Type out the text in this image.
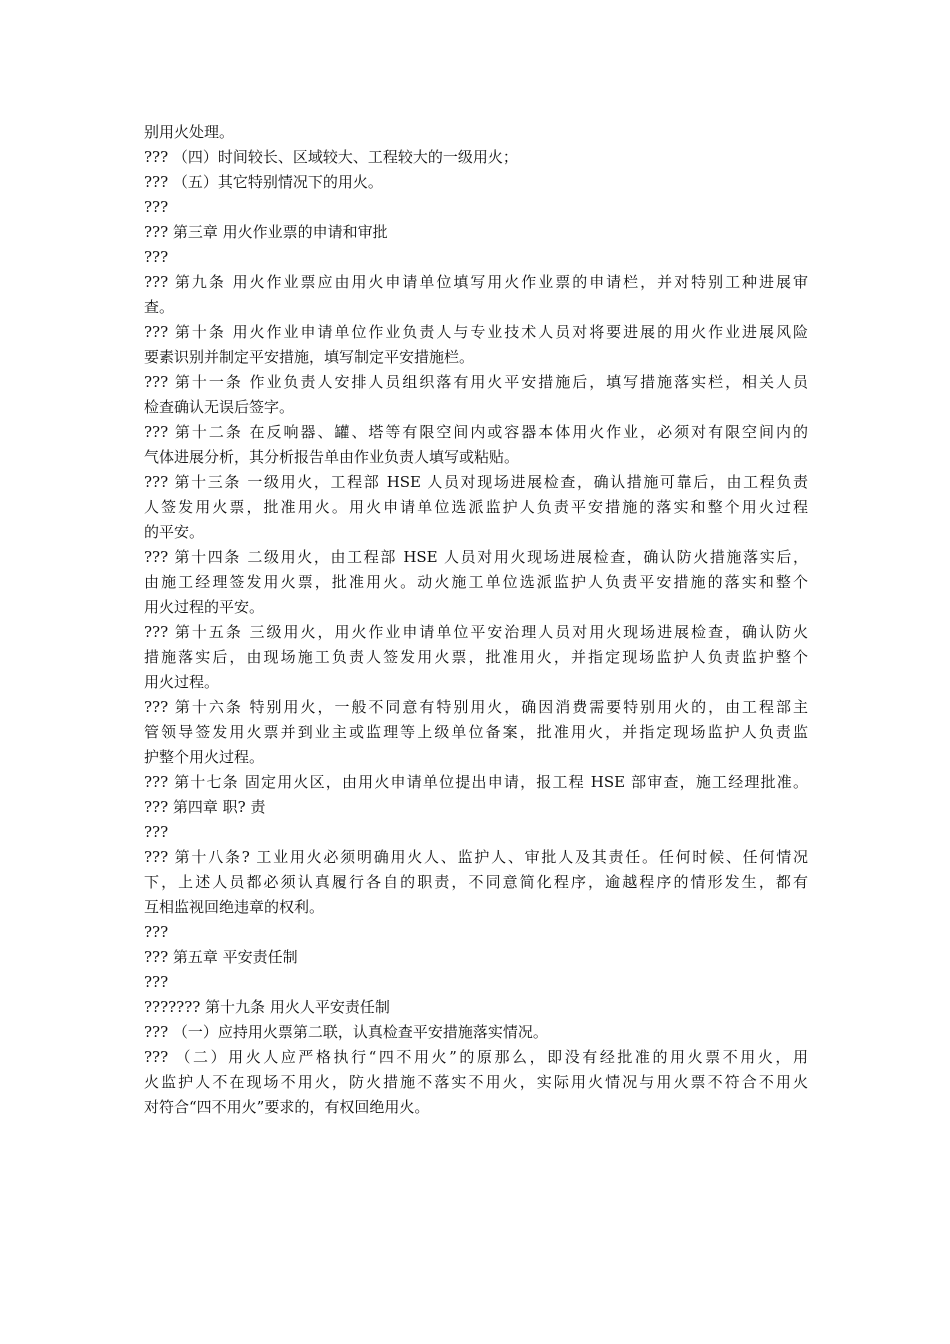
别用火处理。
??? （四）时间较长、区域较大、工程较大的一级用火；
??? （五）其它特别情况下的用火。
???
??? 第三章 用火作业票的申请和审批
???
??? 第九条 用火作业票应由用火申请单位填写用火作业票的申请栏，并对特别工种进展审
查。
??? 第十条 用火作业申请单位作业负责人与专业技术人员对将要进展的用火作业进展风险
要素识别并制定平安措施，填写制定平安措施栏。
??? 第十一条 作业负责人安排人员组织落有用火平安措施后，填写措施落实栏，相关人员
检查确认无误后签字。
??? 第十二条 在反响器、罐、塔等有限空间内或容器本体用火作业，必须对有限空间内的
气体进展分析，其分析报告单由作业负责人填写或粘贴。
??? 第十三条 一级用火，工程部 HSE 人员对现场进展检查，确认措施可靠后，由工程负责
人签发用火票，批准用火。用火申请单位选派监护人负责平安措施的落实和整个用火过程
的平安。
??? 第十四条 二级用火，由工程部 HSE 人员对用火现场进展检查，确认防火措施落实后，
由施工经理签发用火票，批准用火。动火施工单位选派监护人负责平安措施的落实和整个
用火过程的平安。
??? 第十五条 三级用火，用火作业申请单位平安治理人员对用火现场进展检查，确认防火
措施落实后，由现场施工负责人签发用火票，批准用火，并指定现场监护人负责监护整个
用火过程。
??? 第十六条 特别用火，一般不同意有特别用火，确因消费需要特别用火的，由工程部主
管领导签发用火票并到业主或监理等上级单位备案，批准用火，并指定现场监护人负责监
护整个用火过程。
??? 第十七条 固定用火区，由用火申请单位提出申请，报工程 HSE 部审查，施工经理批准。
??? 第四章 职? 责
???
??? 第十八条? 工业用火必须明确用火人、监护人、审批人及其责任。任何时候、任何情况
下，上述人员都必须认真履行各自的职责，不同意简化程序，逾越程序的情形发生，都有
互相监视回绝违章的权利。
???
??? 第五章 平安责任制
???
??????? 第十九条 用火人平安责任制
??? （一）应持用火票第二联，认真检查平安措施落实情况。
??? （二）用火人应严格执行“四不用火”的原那么，即没有经批准的用火票不用火，用
火监护人不在现场不用火，防火措施不落实不用火，实际用火情况与用火票不符合不用火
对符合“四不用火”要求的，有权回绝用火。
